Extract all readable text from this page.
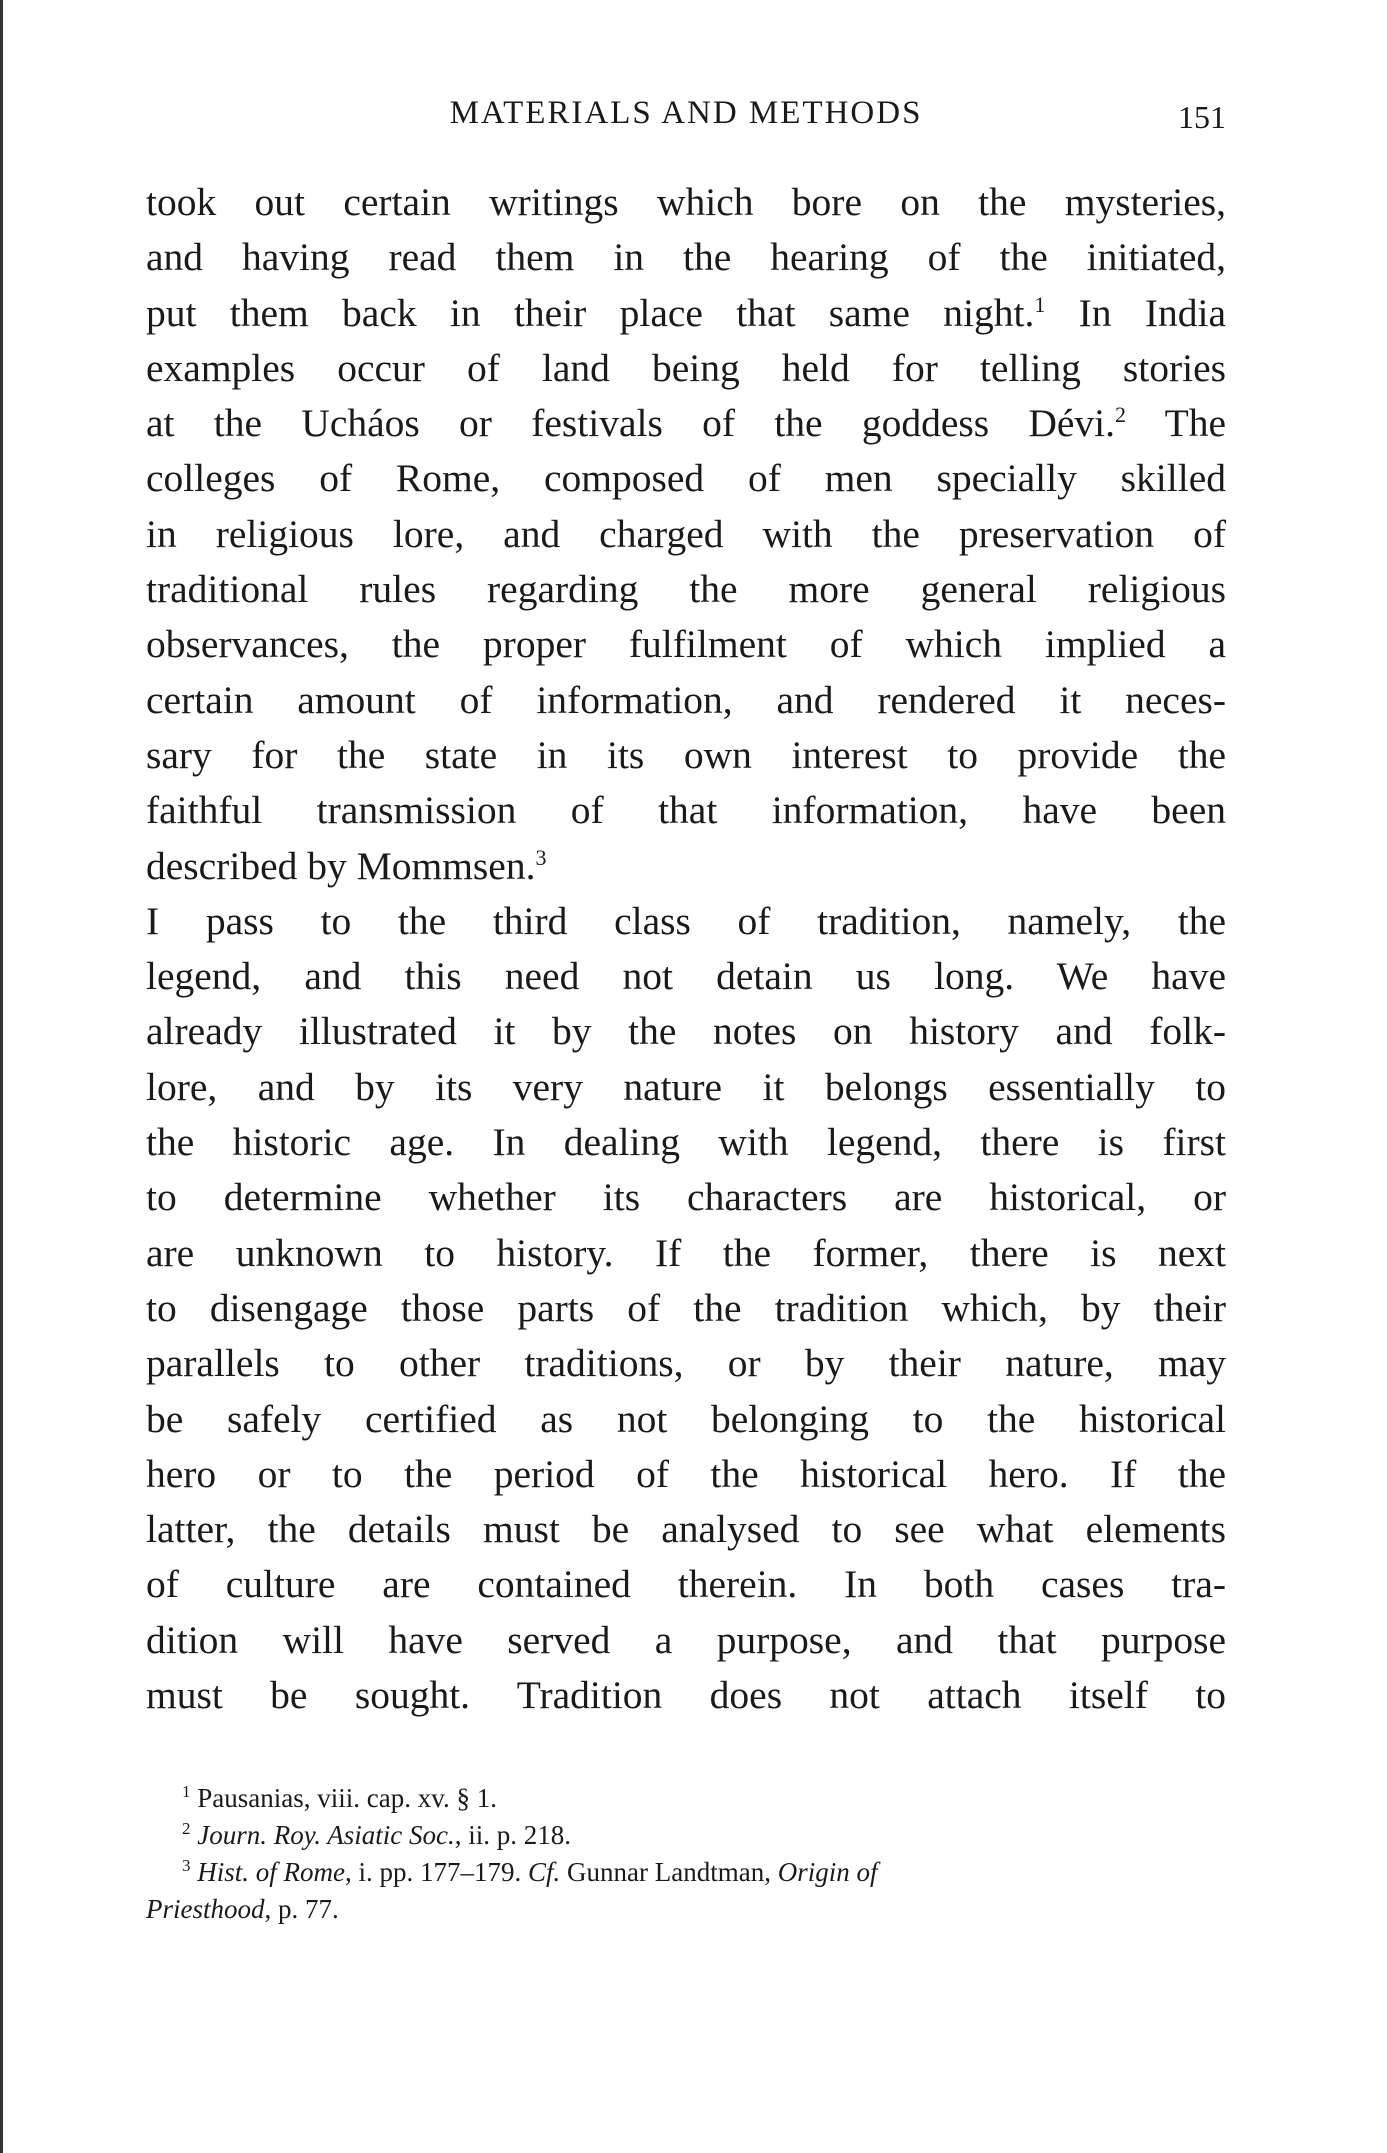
MATERIALS AND METHODS	151
took out certain writings which bore on the mysteries,
and having read them in the hearing of the initiated,
put them back in their place that same night.$^1$ In India
examples occur of land being held for telling stories
at the Ucháos or festivals of the goddess Dévi.$^2$ The
colleges of Rome, composed of men specially skilled
in religious lore, and charged with the preservation of
traditional rules regarding the more general religious
observances, the proper fulfilment of which implied a
certain amount of information, and rendered it neces-
sary for the state in its own interest to provide the
faithful transmission of that information, have been
described by Mommsen.$^3$
I pass to the third class of tradition, namely, the
legend, and this need not detain us long. We have
already illustrated it by the notes on history and folk-
lore, and by its very nature it belongs essentially to
the historic age. In dealing with legend, there is first
to determine whether its characters are historical, or
are unknown to history. If the former, there is next
to disengage those parts of the tradition which, by their
parallels to other traditions, or by their nature, may
be safely certified as not belonging to the historical
hero or to the period of the historical hero. If the
latter, the details must be analysed to see what elements
of culture are contained therein. In both cases tra-
dition will have served a purpose, and that purpose
must be sought. Tradition does not attach itself to
$^1$ Pausanias, viii. cap. xv. § 1.
$^2$ Journ. Roy. Asiatic Soc., ii. p. 218.
$^3$ Hist. of Rome, i. pp. 177–179. Cf. Gunnar Landtman, Origin of
Priesthood, p. 77.
